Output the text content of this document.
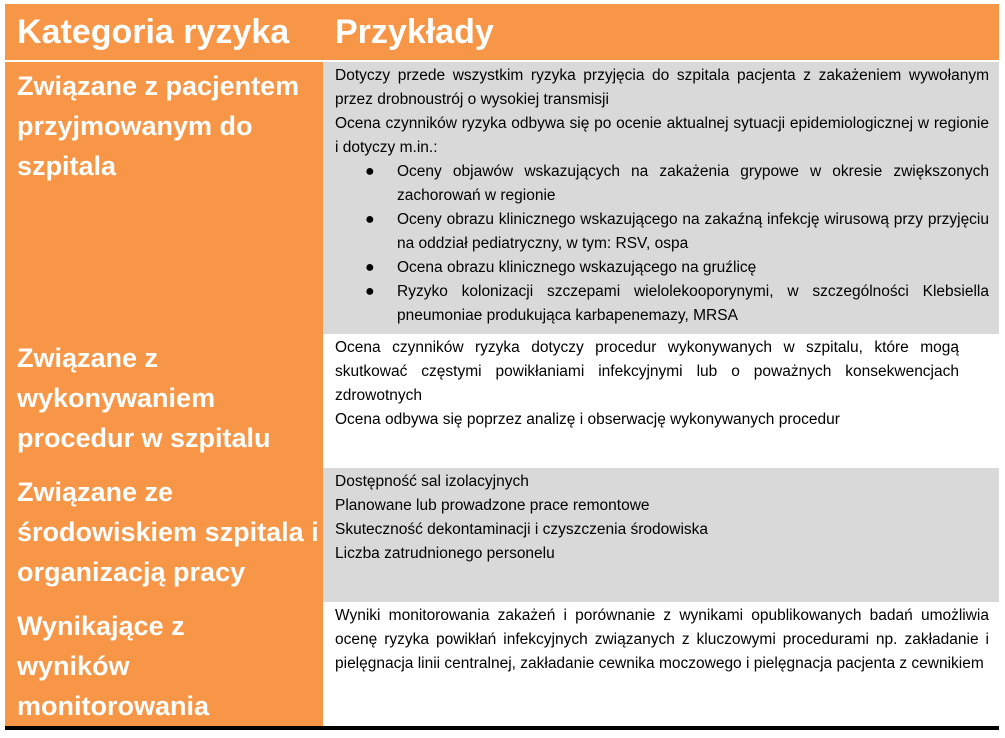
Kategoria ryzyka Przykłady
Związane z pacjentem przyjmowanym do szpitala

Dotyczy przede wszystkim ryzyka przyjęcia do szpitala pacjenta z zakażeniem wywołanym przez drobnoustrój o wysokiej transmisji

Ocena czynników ryzyka odbywa się po ocenie aktualnej sytuacji epidemiologicznej w regionie i dotyczy m.in.:

● Oceny objawów wskazujących na zakażenia grypowe w okresie zwiększonych zachorowań w regionie
● Oceny obrazu klinicznego wskazującego na zakaźną infekcję wirusową przy przyjęciu na oddział pediatryczny, w tym: RSV, ospa
● Ocena obrazu klinicznego wskazującego na gruźlicę
● Ryzyko kolonizacji szczepami wielolekooporynymi, w szczególności Klebsiella pneumoniae produkująca karbapenemazy, MRSA
Związane z wykonywaniem procedur w szpitalu

Ocena czynników ryzyka dotyczy procedur wykonywanych w szpitalu, które mogą skutkować częstymi powikłaniami infekcyjnymi lub o poważnych konsekwencjach zdrowotnych

Ocena odbywa się poprzez analizę i obserwację wykonywanych procedur

Związane ze środowiskiem szpitala i organizacją pracy

Dostępność sal izolacyjnych

Planowane lub prowadzone prace remontowe

Skuteczność dekontaminacji i czyszczenia środowiska

Liczba zatrudnionego personelu

Wynikające z wyników monitorowania

Wyniki monitorowania zakażeń i porównanie z wynikami opublikowanych badań umożliwia ocenę ryzyka powikłań infekcyjnych związanych z kluczowymi procedurami np. zakładanie i pielęgnacja linii centralnej, zakładanie cewnika moczowego i pielęgnacja pacjenta z cewnikiem
